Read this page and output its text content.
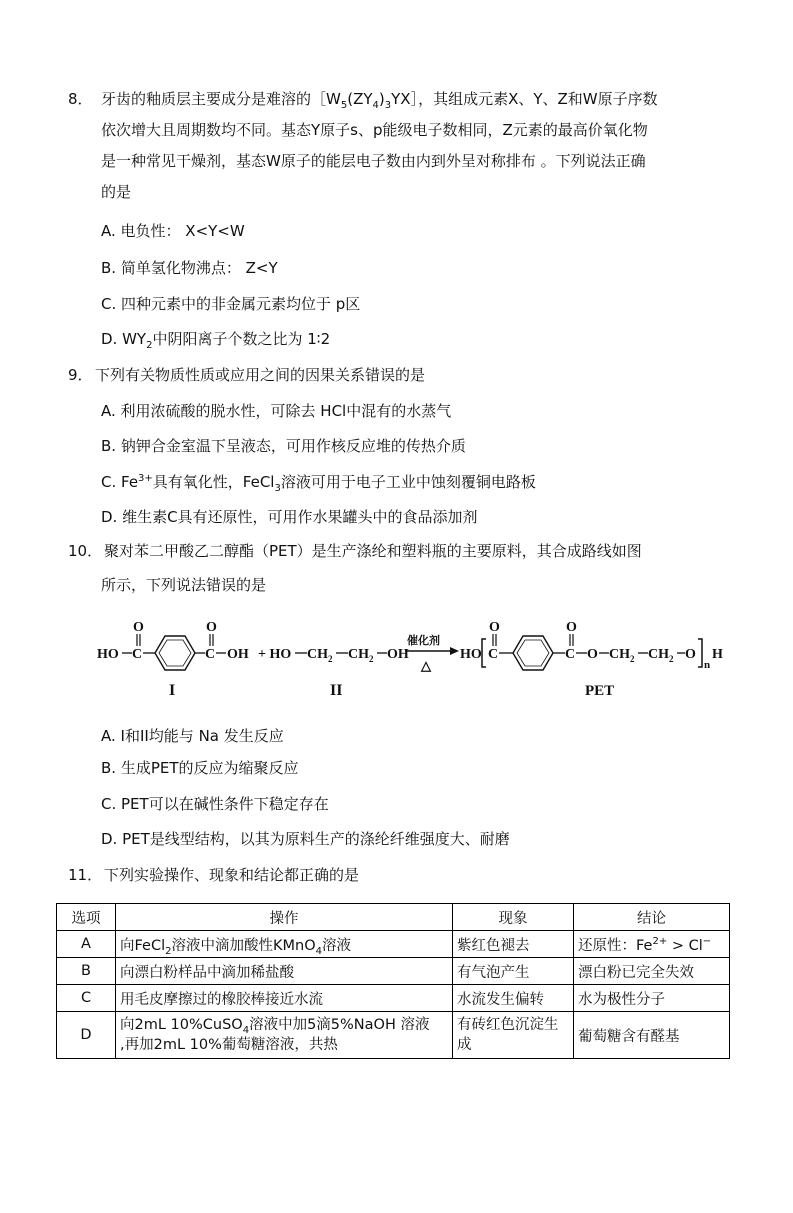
8． 牙齿的釉质层主要成分是难溶的$[W_5(ZY_4)_3YX]$，其组成元素X、Y、Z和W原子序数
依次增大且周期数均不同。基态Y原子s、p能级电子数相同，Z元素的最高价氧化物
是一种常见干燥剂，基态W原子的能层电子数由内到外呈对称排布 。下列说法正确
的是
A. 电负性： X<Y<W
B. 简单氢化物沸点： Z<Y
C. 四种元素中的非金属元素均位于 p区
D. $WY_2$中阴阳离子个数之比为 1∶2
9． 下列有关物质性质或应用之间的因果关系错误的是
A. 利用浓硫酸的脱水性，可除去 HCl中混有的水蒸气
B. 钠钾合金室温下呈液态，可用作核反应堆的传热介质
C. $Fe^{3+}$具有氧化性，FeCl$_3$溶液可用于电子工业中蚀刻覆铜电路板
D. 维生素C具有还原性，可用作水果罐头中的食品添加剂
10． 聚对苯二甲酸乙二醇酯（PET）是生产涤纶和塑料瓶的主要原料，其合成路线如图
所示，下列说法错误的是
HO C
O
C
O
OH
I
+ HO $CH_2$ $CH_2$ OH
II
催化剂
△
HO C
O
C
O
O $CH_2$ $CH_2$ O
n
H
PET
A. I和II均能与 Na 发生反应
B. 生成PET的反应为缩聚反应
C. PET可以在碱性条件下稳定存在
D. PET是线型结构，以其为原料生产的涤纶纤维强度大、耐磨
11． 下列实验操作、现象和结论都正确的是
选项	操作	现象	结论
A	向FeCl$_2$溶液中滴加酸性KMnO$_4$溶液	紫红色褪去	还原性：$Fe^{2+} > Cl^-$
B	向漂白粉样品中滴加稀盐酸	有气泡产生	漂白粉已完全失效
C	用毛皮摩擦过的橡胶棒接近水流	水流发生偏转	水为极性分子
D	向2mL 10%CuSO$_4$溶液中加5滴5%NaOH 溶液
,再加2mL 10%葡萄糖溶液，共热	有砖红色沉淀生成	葡萄糖含有醛基
